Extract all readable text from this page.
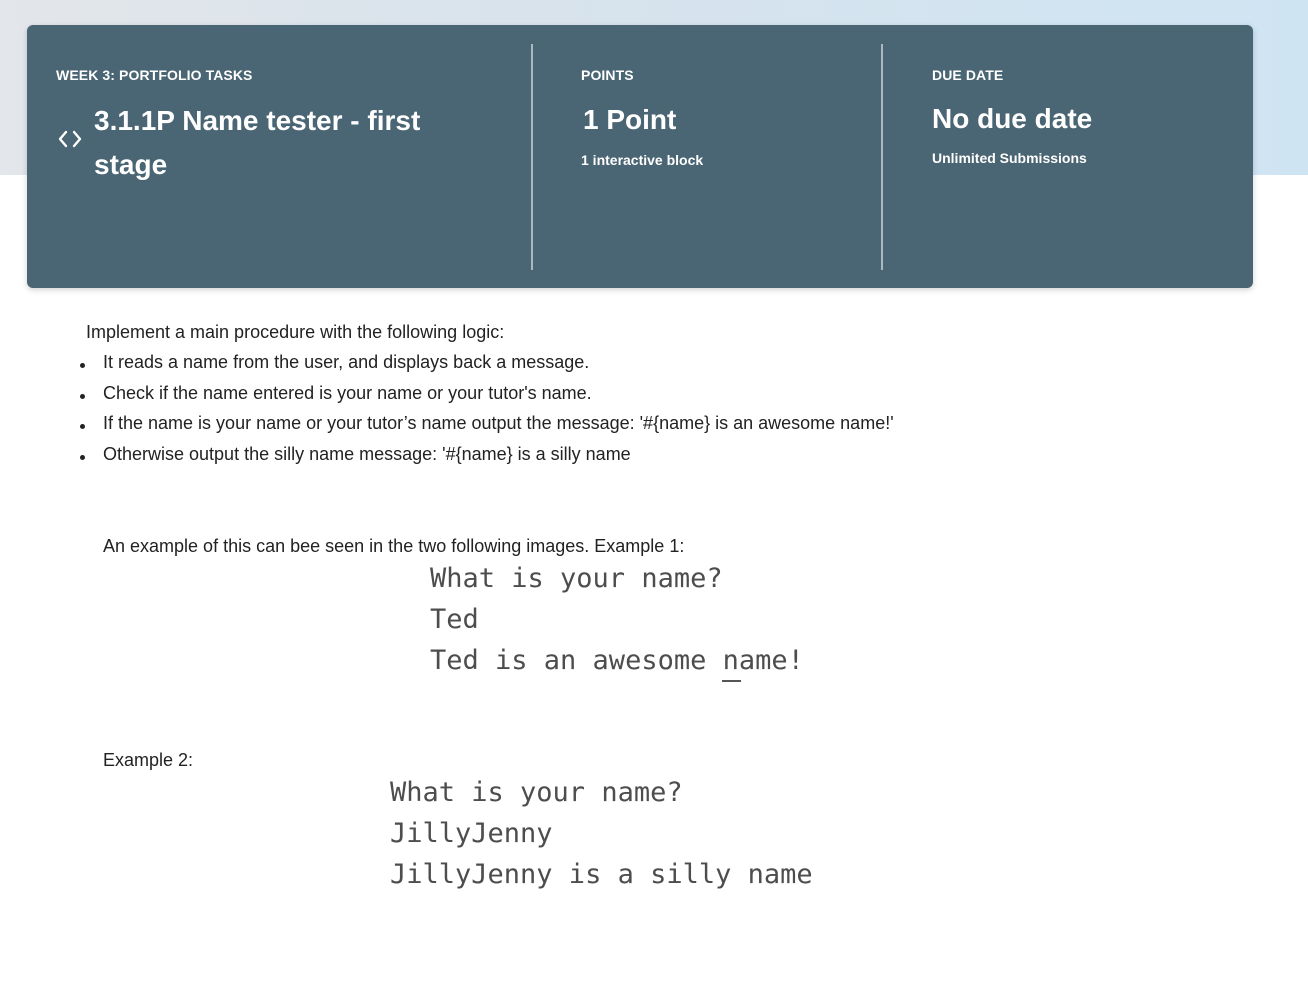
WEEK 3: PORTFOLIO TASKS
3.1.1P Name tester - first stage
POINTS
1 Point
1 interactive block
DUE DATE
No due date
Unlimited Submissions
Implement a main procedure with the following logic:
It reads a name from the user, and displays back a message.
Check if the name entered is your name or your tutor's name.
If the name is your name or your tutor’s name output the message: '#{name} is an awesome name!'
Otherwise output the silly name message: '#{name} is a silly name
An example of this can bee seen in the two following images. Example 1:
What is your name?
Ted
Ted is an awesome name!
Example 2:
What is your name?
JillyJenny
JillyJenny is a silly name
